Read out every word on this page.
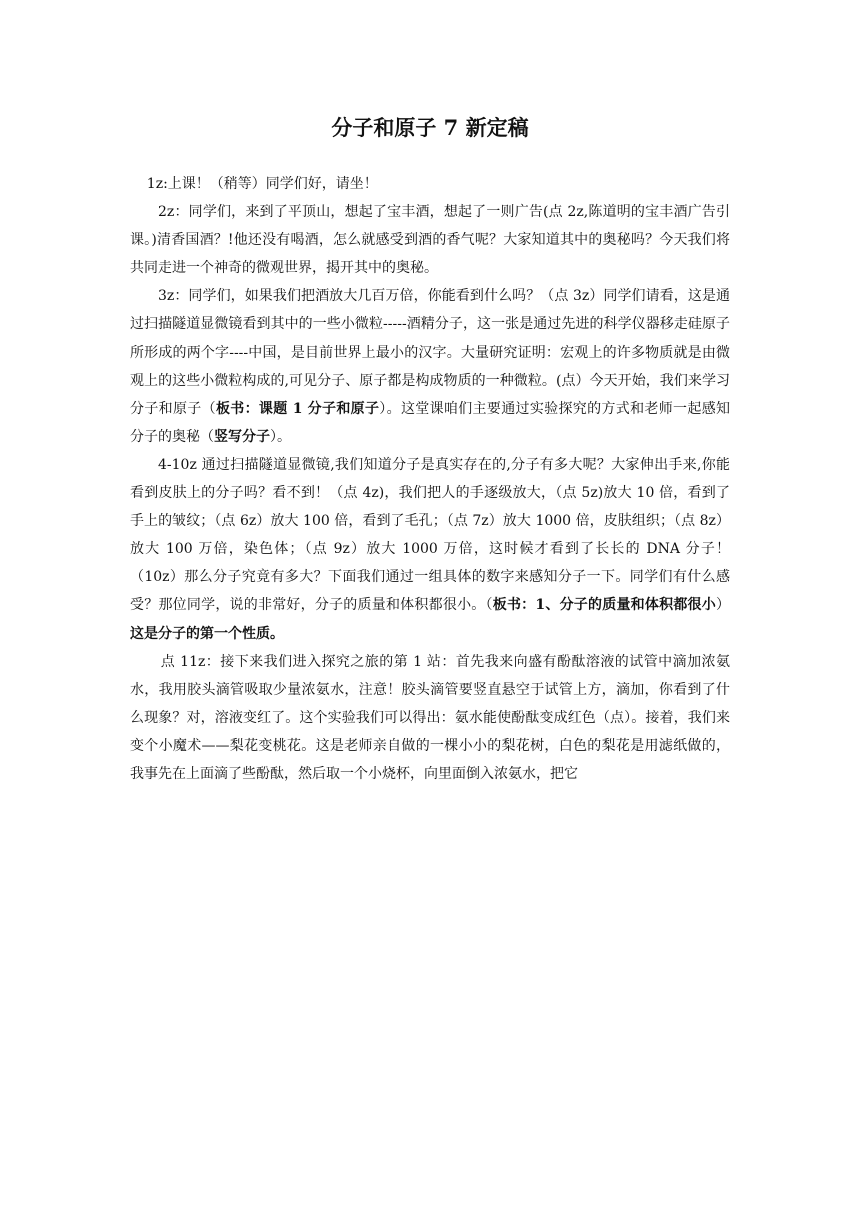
分子和原子 7 新定稿

1z:上课！（稍等）同学们好，请坐！

2z：同学们，来到了平顶山，想起了宝丰酒，想起了一则广告(点 2z,陈道明的宝丰酒广告引课。)清香国酒？!他还没有喝酒，怎么就感受到酒的香气呢？大家知道其中的奥秘吗？今天我们将共同走进一个神奇的微观世界，揭开其中的奥秘。

3z：同学们，如果我们把酒放大几百万倍，你能看到什么吗？（点 3z）同学们请看，这是通过扫描隧道显微镜看到其中的一些小微粒-----酒精分子，这一张是通过先进的科学仪器移走硅原子所形成的两个字----中国，是目前世界上最小的汉字。大量研究证明：宏观上的许多物质就是由微观上的这些小微粒构成的,可见分子、原子都是构成物质的一种微粒。(点）今天开始，我们来学习分子和原子（板书：课题 1 分子和原子）。这堂课咱们主要通过实验探究的方式和老师一起感知分子的奥秘（竖写分子）。

4-10z 通过扫描隧道显微镜,我们知道分子是真实存在的,分子有多大呢？大家伸出手来,你能看到皮肤上的分子吗？看不到！（点 4z)，我们把人的手逐级放大，（点 5z)放大 10 倍，看到了手上的皱纹；（点 6z）放大 100 倍，看到了毛孔；（点 7z）放大 1000 倍，皮肤组织；（点 8z）放大 100 万倍，染色体；（点 9z）放大 1000 万倍，这时候才看到了长长的 DNA 分子！（10z）那么分子究竟有多大？下面我们通过一组具体的数字来感知分子一下。同学们有什么感受？那位同学，说的非常好，分子的质量和体积都很小。（板书：1、分子的质量和体积都很小）这是分子的第一个性质。

点 11z：接下来我们进入探究之旅的第 1 站：首先我来向盛有酚酞溶液的试管中滴加浓氨水，我用胶头滴管吸取少量浓氨水，注意！胶头滴管要竖直悬空于试管上方，滴加，你看到了什么现象？对，溶液变红了。这个实验我们可以得出：氨水能使酚酞变成红色（点）。接着，我们来变个小魔术——梨花变桃花。这是老师亲自做的一棵小小的梨花树，白色的梨花是用滤纸做的，我事先在上面滴了些酚酞，然后取一个小烧杯，向里面倒入浓氨水，把它
